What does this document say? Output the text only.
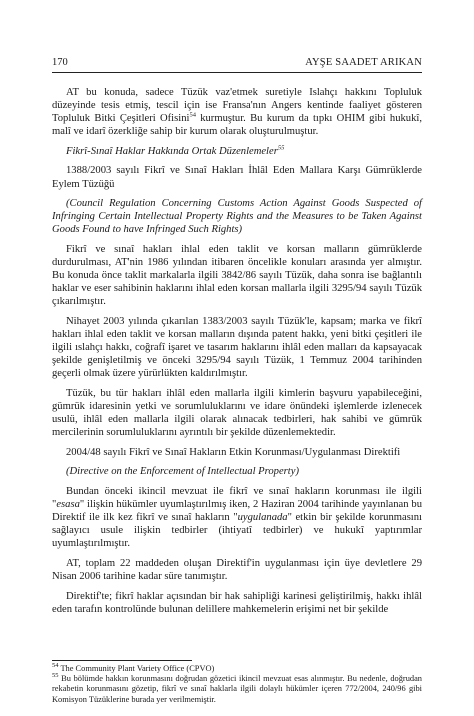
170	AYŞE SAADET ARIKAN

AT bu konuda, sadece Tüzük vaz'etmek suretiyle Islahçı hakkını Topluluk düzeyinde tesis etmiş, tescil için ise Fransa'nın Angers kentinde faaliyet gösteren Topluluk Bitki Çeşitleri Ofisini$^{54}$ kurmuştur. Bu kurum da tıpkı OHIM gibi hukukî, malî ve idarî özerkliğe sahip bir kurum olarak oluşturulmuştur.

Fikrî-Sınaî Haklar Hakkında Ortak Düzenlemeler$^{55}$

1388/2003 sayılı Fikrî ve Sınaî Hakları İhlâl Eden Mallara Karşı Gümrüklerde Eylem Tüzüğü

(Council Regulation Concerning Customs Action Against Goods Suspected of Infringing Certain Intellectual Property Rights and the Measures to be Taken Against Goods Found to have Infringed Such Rights)

Fikrî ve sınaî hakları ihlal eden taklit ve korsan malların gümrüklerde durdurulması, AT'nin 1986 yılından itibaren öncelikle konuları arasında yer almıştır. Bu konuda önce taklit markalarla ilgili 3842/86 sayılı Tüzük, daha sonra ise bağlantılı haklar ve eser sahibinin haklarını ihlal eden korsan mallarla ilgili 3295/94 sayılı Tüzük çıkarılmıştır.

Nihayet 2003 yılında çıkarılan 1383/2003 sayılı Tüzük'le, kapsam; marka ve fikrî hakları ihlal eden taklit ve korsan malların dışında patent hakkı, yeni bitki çeşitleri ile ilgili ıslahçı hakkı, coğrafî işaret ve tasarım haklarını ihlâl eden malları da kapsayacak şekilde genişletilmiş ve önceki 3295/94 sayılı Tüzük, 1 Temmuz 2004 tarihinden geçerli olmak üzere yürürlükten kaldırılmıştır.

Tüzük, bu tür hakları ihlâl eden mallarla ilgili kimlerin başvuru yapabileceğini, gümrük idaresinin yetki ve sorumluluklarını ve idare önündeki işlemlerde izlenecek usulü, ihlâl eden mallarla ilgili olarak alınacak tedbirleri, hak sahibi ve gümrük mercilerinin sorumluluklarını ayrıntılı bir şekilde düzenlemektedir.

2004/48 sayılı Fikrî ve Sınaî Hakların Etkin Korunması/Uygulanması Direktifi

(Directive on the Enforcement of Intellectual Property)

Bundan önceki ikincil mevzuat ile fikrî ve sınaî hakların korunması ile ilgili "esasa" ilişkin hükümler uyumlaştırılmış iken, 2 Haziran 2004 tarihinde yayınlanan bu Direktif ile ilk kez fikrî ve sınaî hakların "uygulanada" etkin bir şekilde korunmasını sağlayıcı usule ilişkin tedbirler (ihtiyatî tedbirler) ve hukukî yaptırımlar uyumlaştırılmıştır.

AT, toplam 22 maddeden oluşan Direktif'in uygulanması için üye devletlere 29 Nisan 2006 tarihine kadar süre tanımıştır.

Direktif'te; fikrî haklar açısından bir hak sahipliği karinesi geliştirilmiş, hakkı ihlâl eden tarafın kontrolünde bulunan delillere mahkemelerin erişimi net bir şekilde

$^{54}$ The Community Plant Variety Office (CPVO)

$^{55}$ Bu bölümde hakkın korunmasını doğrudan gözetici ikincil mevzuat esas alınmıştır. Bu nedenle, doğrudan rekabetin korunmasını gözetip, fikrî ve sınaî haklarla ilgili dolaylı hükümler içeren 772/2004, 240/96 gibi Komisyon Tüzüklerine burada yer verilmemiştir.
